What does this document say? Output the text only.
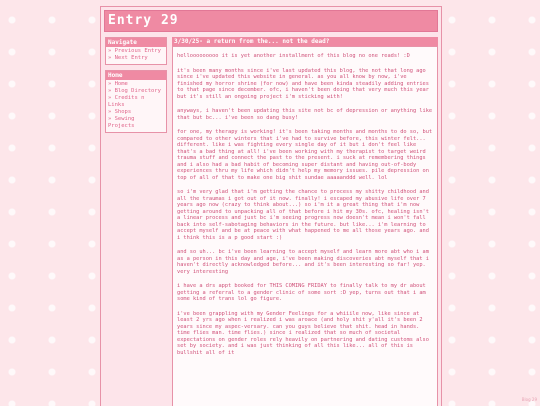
Entry 29
Navigate
» Previous Entry
» Next Entry
Home
» Home
» Blog Directory
» Credits n Links
» Shops
» Sewing Projects
3/30/25- a return from the... not the dead?

hellooooooooo it is yet another installment of this blog no one reads! :D

it's been many months since i've last updated this blog, the not that long ago since i've updated this website in general. as you all know by now, i've finished my horror shrine (for now) and have been kinda steadily adding entries to that page since december. ofc, i haven't been doing that very much this year but it's still an ongoing project i'm sticking with!

anyways, i haven't been updating this site not bc of depression or anything like that but bc... i've been so dang busy!

for one, my therapy is working! it's been taking months and months to do so, but compared to other winters that i've had to survive before, this winter felt... different. like i was fighting every single day of it but i don't feel like that's a bad thing at all! i've been working with my therapist to target weird trauma stuff and connect the past to the present. i suck at remembering things and i also had a bad habit of becoming super distant and having out-of-body experiences thru my life which didn't help my memory issues. pile depression on top of all of that to make one big shit sundae aaaaanddd well. lol

so i'm very glad that i'm getting the chance to process my shitty childhood and all the traumas i got out of it now. finally! i escaped my abusive life over 7 years ago now (crazy to think about...) so i'm it a great thing that i'm now getting around to unpacking all of that before i hit my 30s. ofc, healing isn't a linear process and just bc i'm seeing progress now doesn't mean i won't fall back into self-sabotaging behaviors in the future. but like... i'm learning to accept myself and be at peace with what happened to me all those years ago. and i think this is a p good start :)

and so uh... bc i've been learning to accept myself and learn more abt who i am as a person in this day and age, i've been making discoveries abt myself that i haven't directly acknowledged before... and it's been interesting so far! yep. very interesting

i have a drs appt booked for THIS COMING FRIDAY to finally talk to my dr about getting a referral to a gender clinic of some sort :D yep, turns out that i am some kind of trans lol go figure.

i've been grappling with my Gender Feelings for a whiiile now, like since at least 2 yrs ago when i realized i was aroace (and holy shit y'all it's been 2 years since my aspec-versary. can you guys believe that shit. head in hands. time flies man. time flies.) since i realized that so much of societal expectations on gender roles rely heavily on partnering and dating customs also set by society. and i was just thinking of all this like... all of this is bullshit all of it

Blog 29
